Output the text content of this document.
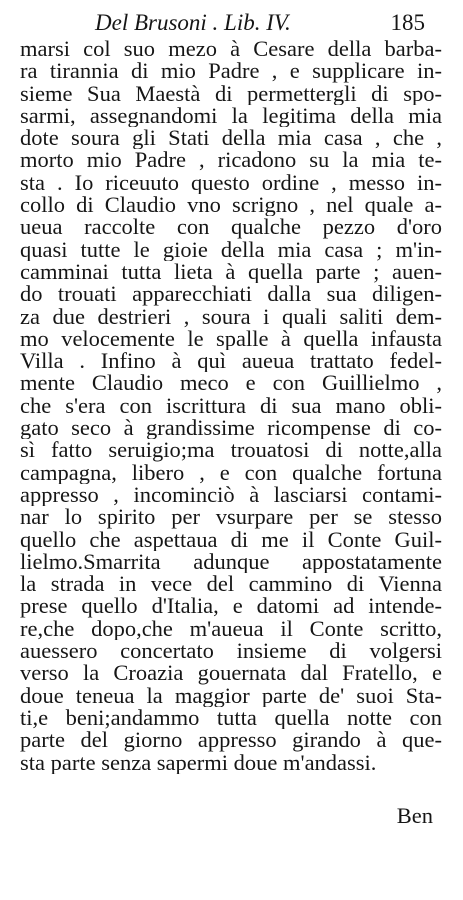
Del Brusoni . Lib. IV.	185
marsi col suo mezo à Cesare della barba-
ra tirannia di mio Padre , e supplicare in-
sieme Sua Maestà di permettergli di spo-
sarmi, assegnandomi la legitima della mia
dote soura gli Stati della mia casa , che ,
morto mio Padre , ricadono su la mia te-
sta . Io riceuuto questo ordine , messo in-
collo di Claudio vno scrigno , nel quale a-
ueua raccolte con qualche pezzo d'oro
quasi tutte le gioie della mia casa ; m'in-
camminai tutta lieta à quella parte ; auen-
do trouati apparecchiati dalla sua diligen-
za due destrieri , soura i quali saliti dem-
mo velocemente le spalle à quella infausta
Villa . Infino à quì aueua trattato fedel-
mente Claudio meco e con Guillielmo ,
che s'era con iscrittura di sua mano obli-
gato seco à grandissime ricompense di co-
sì fatto seruigio;ma trouatosi di notte,alla
campagna, libero , e con qualche fortuna
appresso , incominciò à lasciarsi contami-
nar lo spirito per vsurpare per se stesso
quello che aspettaua di me il Conte Guil-
lielmo.Smarrita adunque appostatamente
la strada in vece del cammino di Vienna
prese quello d'Italia, e datomi ad intende-
re,che dopo,che m'aueua il Conte scritto,
auessero concertato insieme di volgersi
verso la Croazia gouernata dal Fratello, e
doue teneua la maggior parte de' suoi Sta-
ti,e beni;andammo tutta quella notte con
parte del giorno appresso girando à que-
sta parte senza sapermi doue m'andassi.
Ben
